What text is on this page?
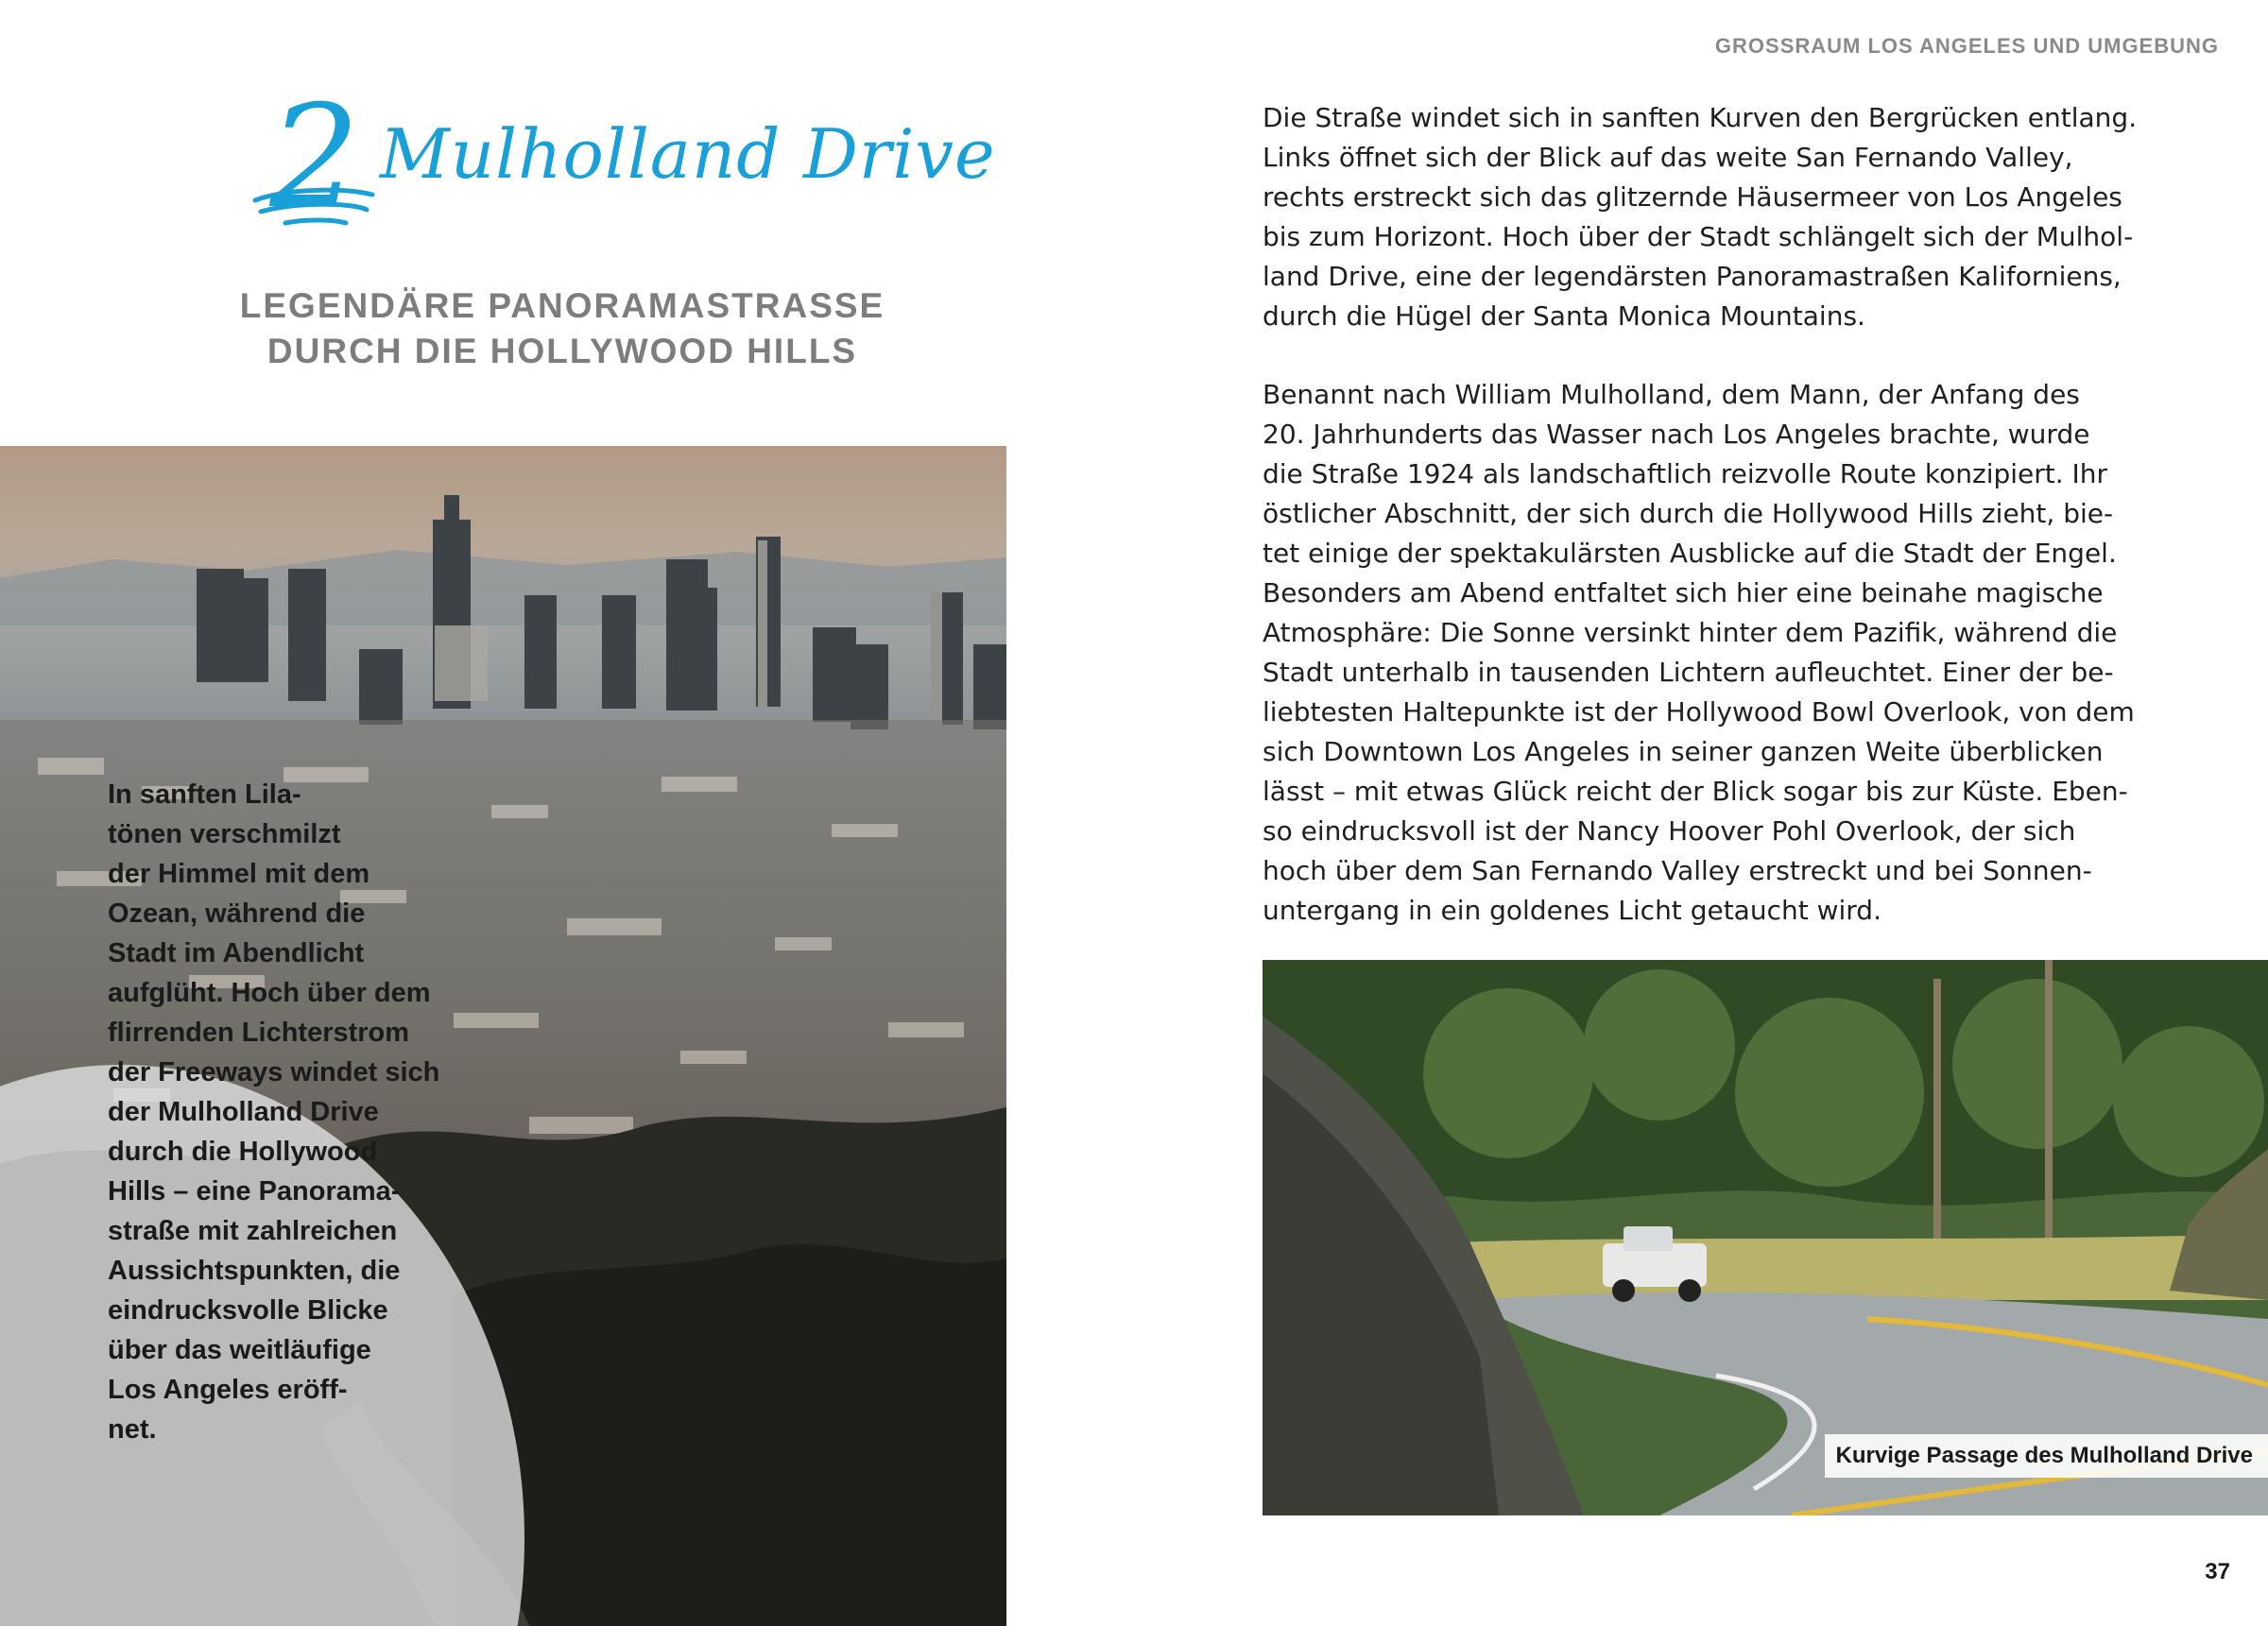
2 Mulholland Drive
LEGENDÄRE PANORAMASTRASSE
DURCH DIE HOLLYWOOD HILLS
In sanften Lila-
tönen verschmilzt
der Himmel mit dem
Ozean, während die
Stadt im Abendlicht
aufglüht. Hoch über dem
flirrenden Lichterstrom
der Freeways windet sich
der Mulholland Drive
durch die Hollywood
Hills – eine Panorama-
straße mit zahlreichen
Aussichtspunkten, die
eindrucksvolle Blicke
über das weitläufige
Los Angeles eröff-
net.
GROSSRAUM LOS ANGELES UND UMGEBUNG
Die Straße windet sich in sanften Kurven den Bergrücken entlang.
Links öffnet sich der Blick auf das weite San Fernando Valley,
rechts erstreckt sich das glitzernde Häusermeer von Los Angeles
bis zum Horizont. Hoch über der Stadt schlängelt sich der Mulhol-
land Drive, eine der legendärsten Panoramastraßen Kaliforniens,
durch die Hügel der Santa Monica Mountains.
Benannt nach William Mulholland, dem Mann, der Anfang des
20. Jahrhunderts das Wasser nach Los Angeles brachte, wurde
die Straße 1924 als landschaftlich reizvolle Route konzipiert. Ihr
östlicher Abschnitt, der sich durch die Hollywood Hills zieht, bie-
tet einige der spektakulärsten Ausblicke auf die Stadt der Engel.
Besonders am Abend entfaltet sich hier eine beinahe magische
Atmosphäre: Die Sonne versinkt hinter dem Pazifik, während die
Stadt unterhalb in tausenden Lichtern aufleuchtet. Einer der be-
liebtesten Haltepunkte ist der Hollywood Bowl Overlook, von dem
sich Downtown Los Angeles in seiner ganzen Weite überblicken
lässt – mit etwas Glück reicht der Blick sogar bis zur Küste. Eben-
so eindrucksvoll ist der Nancy Hoover Pohl Overlook, der sich
hoch über dem San Fernando Valley erstreckt und bei Sonnen-
untergang in ein goldenes Licht getaucht wird.
Kurvige Passage des Mulholland Drive
37
